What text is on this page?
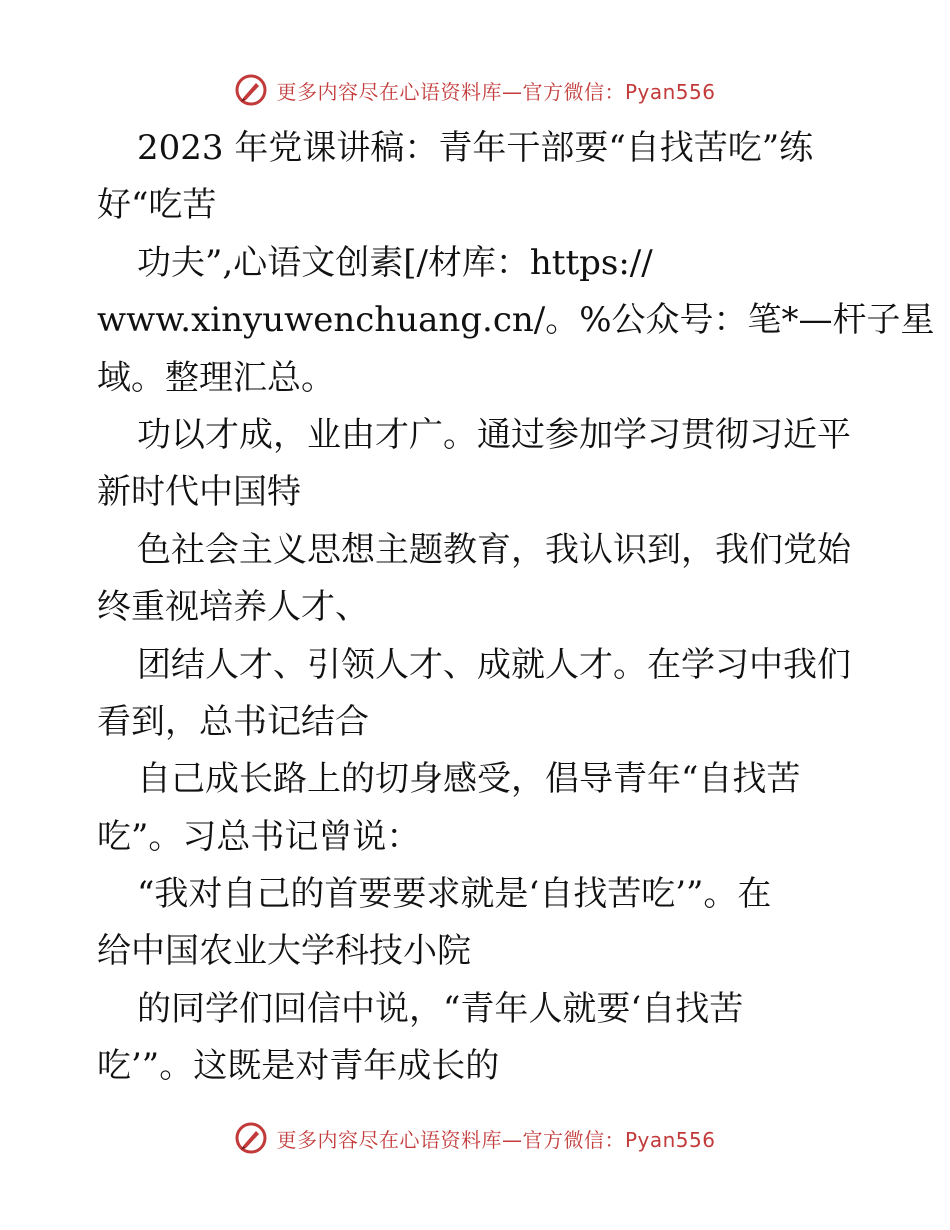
更多内容尽在心语资料库—官方微信：Pyan556
2023 年党课讲稿：青年干部要“自找苦吃”练
好“吃苦
功夫”,心语文创素[/材库：https://
www.xinyuwenchuang.cn/。%公众号：笔*—杆子星
域。整理汇总。
功以才成，业由才广。通过参加学习贯彻习近平
新时代中国特
色社会主义思想主题教育，我认识到，我们党始
终重视培养人才、
团结人才、引领人才、成就人才。在学习中我们
看到，总书记结合
自己成长路上的切身感受，倡导青年“自找苦
吃”。习总书记曾说：
“我对自己的首要要求就是‘自找苦吃’”。在
给中国农业大学科技小院
的同学们回信中说，“青年人就要‘自找苦
吃’”。这既是对青年成长的
更多内容尽在心语资料库—官方微信：Pyan556
